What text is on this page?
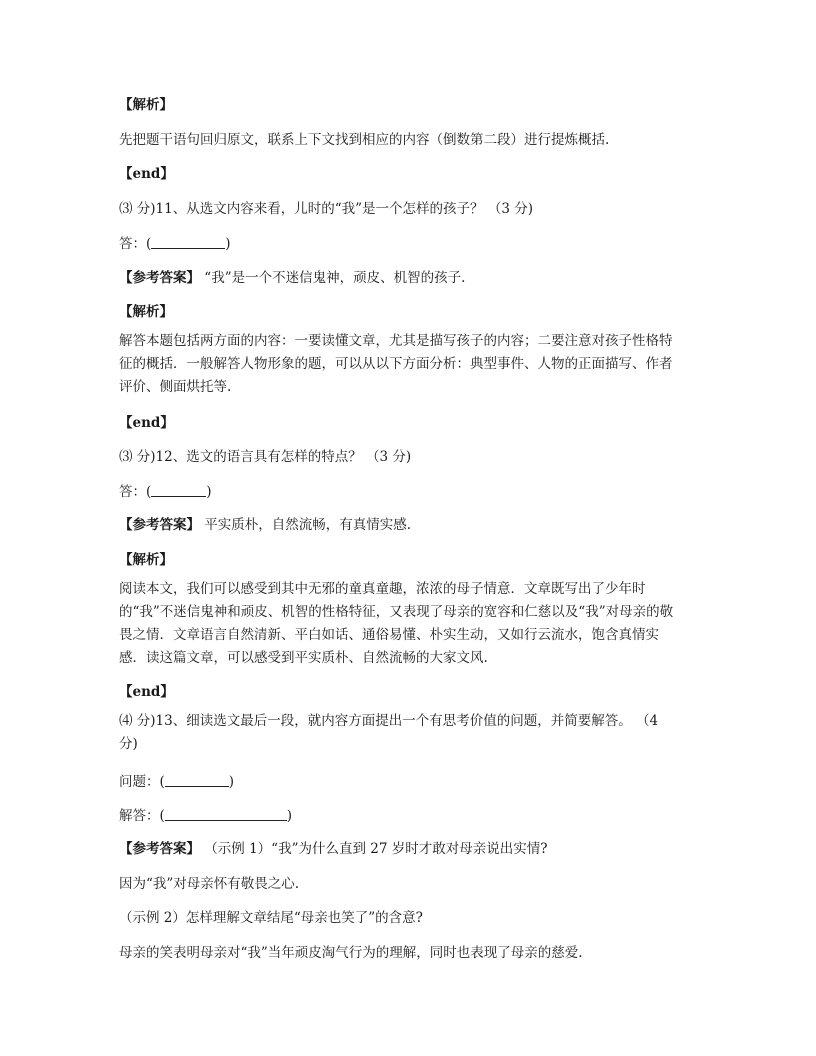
【解析】
先把题干语句回归原文，联系上下文找到相应的内容（倒数第二段）进行提炼概括.
【end】
⑶ 分)11、从选文内容来看，儿时的“我”是一个怎样的孩子？ （3 分)
答：(	)
【参考答案】 “我”是一个不迷信鬼神，顽皮、机智的孩子.
【解析】
解答本题包括两方面的内容：一要读懂文章，尤其是描写孩子的内容；二要注意对孩子性格特征的概括．一般解答人物形象的题，可以从以下方面分析：典型事件、人物的正面描写、作者评价、侧面烘托等.
【end】
⑶ 分)12、选文的语言具有怎样的特点？ （3 分)
答：(	)
【参考答案】 平实质朴，自然流畅，有真情实感.
【解析】
阅读本文，我们可以感受到其中无邪的童真童趣，浓浓的母子情意．文章既写出了少年时的“我”不迷信鬼神和顽皮、机智的性格特征，又表现了母亲的宽容和仁慈以及“我”对母亲的敬畏之情．文章语言自然清新、平白如话、通俗易懂、朴实生动，又如行云流水，饱含真情实感．读这篇文章，可以感受到平实质朴、自然流畅的大家文风.
【end】
⑷ 分)13、细读选文最后一段，就内容方面提出一个有思考价值的问题，并简要解答。 （4 分)
问题：(	)
解答：(	)
【参考答案】 （示例 1）“我”为什么直到 27 岁时才敢对母亲说出实情?
因为“我”对母亲怀有敬畏之心.
（示例 2）怎样理解文章结尾“母亲也笑了”的含意?
母亲的笑表明母亲对“我”当年顽皮淘气行为的理解，同时也表现了母亲的慈爱.
